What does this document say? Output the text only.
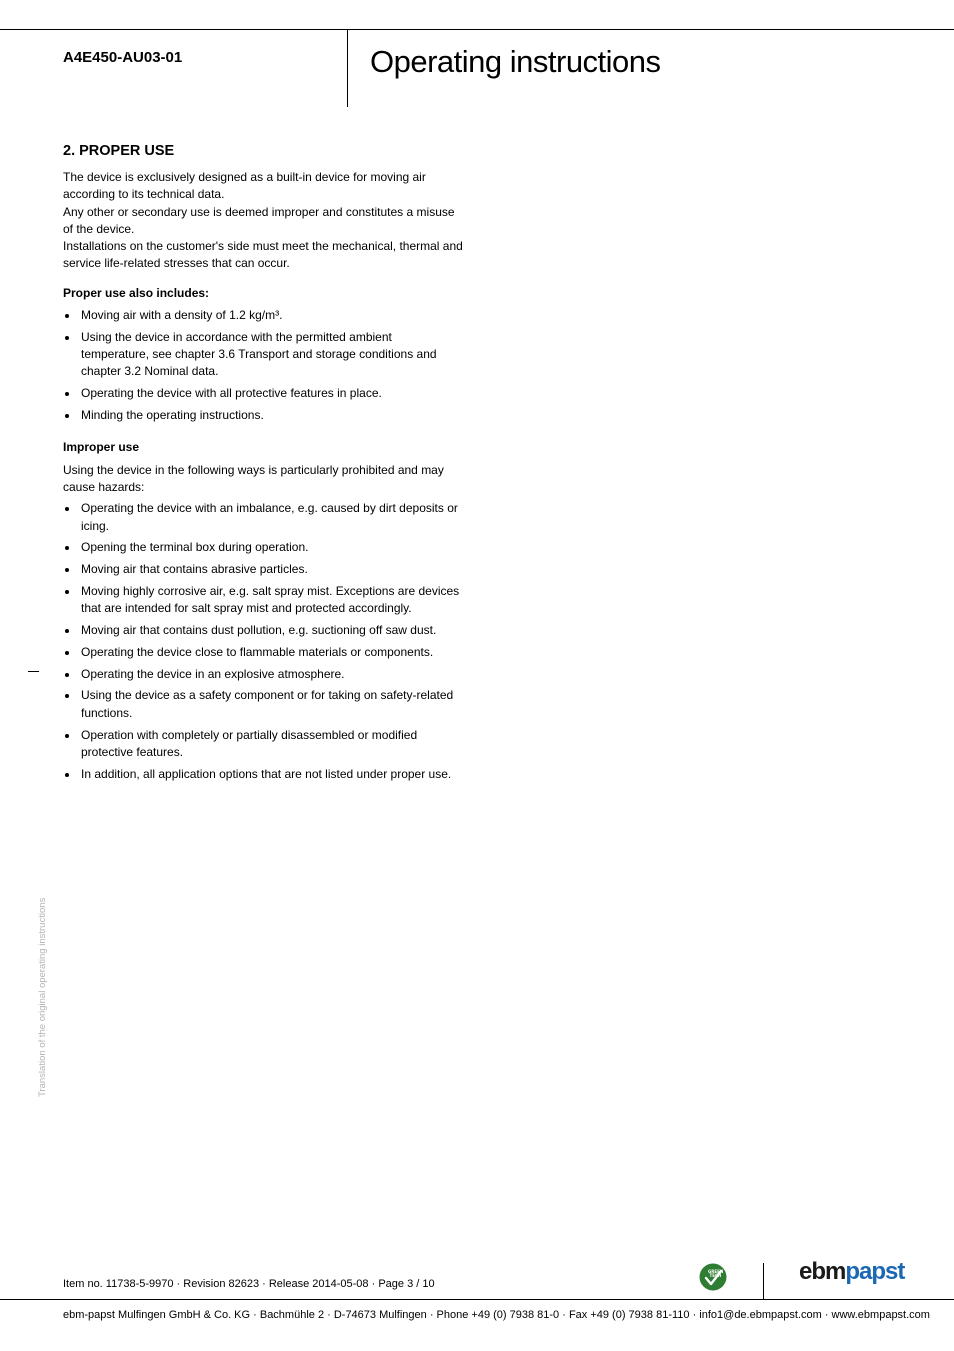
A4E450-AU03-01	Operating instructions
2. PROPER USE

The device is exclusively designed as a built-in device for moving air according to its technical data.

Any other or secondary use is deemed improper and constitutes a misuse of the device.

Installations on the customer's side must meet the mechanical, thermal and service life-related stresses that can occur.

Proper use also includes:
Moving air with a density of 1.2 kg/m³.
Using the device in accordance with the permitted ambient temperature, see chapter 3.6 Transport and storage conditions and chapter 3.2 Nominal data.
Operating the device with all protective features in place.
Minding the operating instructions.
Improper use

Using the device in the following ways is particularly prohibited and may cause hazards:

Operating the device with an imbalance, e.g. caused by dirt deposits or icing.
Opening the terminal box during operation.
Moving air that contains abrasive particles.
Moving highly corrosive air, e.g. salt spray mist. Exceptions are devices that are intended for salt spray mist and protected accordingly.
Moving air that contains dust pollution, e.g. suctioning off saw dust.
Operating the device close to flammable materials or components.
Operating the device in an explosive atmosphere.
Using the device as a safety component or for taking on safety-related functions.
Operation with completely or partially disassembled or modified protective features.
In addition, all application options that are not listed under proper use.
Translation of the original operating instructions
Item no. 11738-5-9970 · Revision 82623 · Release 2014-05-08 · Page 3 / 10
GREEN
TECH	ebmpapst
ebm-papst Mulfingen GmbH & Co. KG · Bachmühle 2 · D-74673 Mulfingen · Phone +49 (0) 7938 81-0 · Fax +49 (0) 7938 81-110 · info1@de.ebmpapst.com · www.ebmpapst.com
